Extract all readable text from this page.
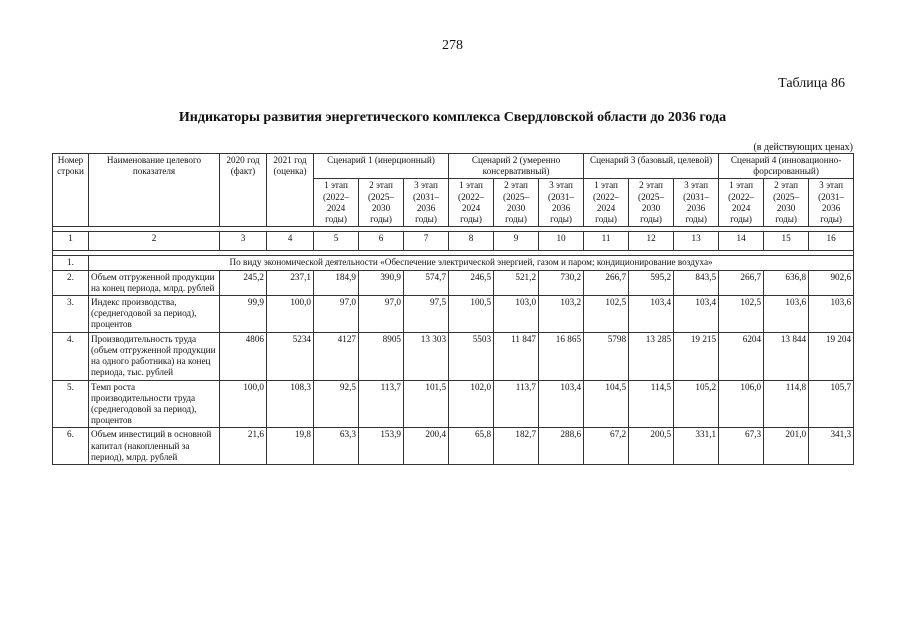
278
Таблица 86
Индикаторы развития энергетического комплекса Свердловской области до 2036 года
(в действующих ценах)
Номер строки	Наименование целевого показателя	2020 год (факт)	2021 год (оценка)	Сценарий 1 (инерционный)			Сценарий 2 (умеренно консервативный)			Сценарий 3 (базовый, целевой)			Сценарий 4 (инновационно-форсированный)		
				1 этап (2022–2024 годы)	2 этап (2025–2030 годы)	3 этап (2031–2036 годы)	1 этап (2022–2024 годы)	2 этап (2025–2030 годы)	3 этап (2031–2036 годы)	1 этап (2022–2024 годы)	2 этап (2025–2030 годы)	3 этап (2031–2036 годы)	1 этап (2022–2024 годы)	2 этап (2025–2030 годы)	3 этап (2031–2036 годы)

1	2	3	4	5	6	7	8	9	10	11	12	13	14	15	16

1.	По виду экономической деятельности «Обеспечение электрической энергией, газом и паром; кондиционирование воздуха»														
2.	Объем отгруженной продукции на конец периода, млрд. рублей	245,2	237,1	184,9	390,9	574,7	246,5	521,2	730,2	266,7	595,2	843,5	266,7	636,8	902,6
3.	Индекс производства, (среднегодовой за период), процентов	99,9	100,0	97,0	97,0	97,5	100,5	103,0	103,2	102,5	103,4	103,4	102,5	103,6	103,6
4.	Производительность труда (объем отгруженной продукции на одного работника) на конец периода, тыс. рублей	4806	5234	4127	8905	13 303	5503	11 847	16 865	5798	13 285	19 215	6204	13 844	19 204
5.	Темп роста производительности труда (среднегодовой за период), процентов	100,0	108,3	92,5	113,7	101,5	102,0	113,7	103,4	104,5	114,5	105,2	106,0	114,8	105,7
6.	Объем инвестиций в основной капитал (накопленный за период), млрд. рублей	21,6	19,8	63,3	153,9	200,4	65,8	182,7	288,6	67,2	200,5	331,1	67,3	201,0	341,3
